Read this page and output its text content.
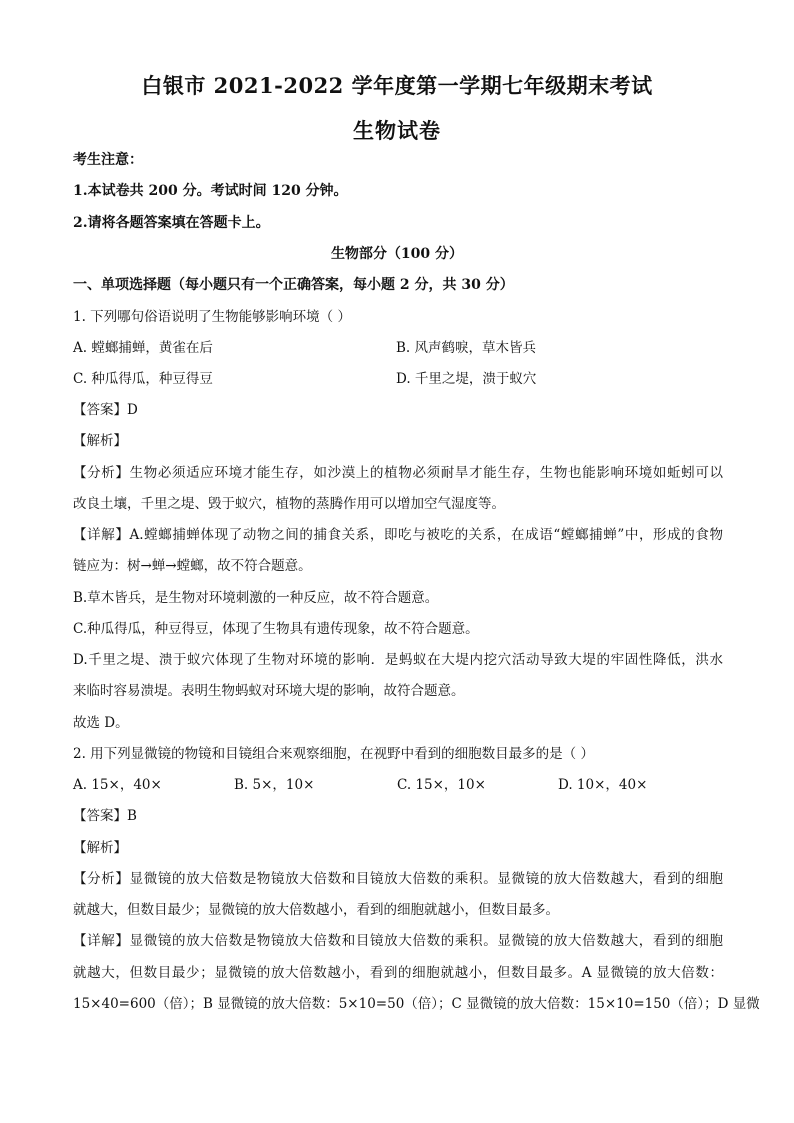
白银市 2021-2022 学年度第一学期七年级期末考试
生物试卷
考生注意：
1.本试卷共 200 分。考试时间 120 分钟。
2.请将各题答案填在答题卡上。
生物部分（100 分）
一、单项选择题（每小题只有一个正确答案，每小题 2 分，共 30 分）
1. 下列哪句俗语说明了生物能够影响环境（ ）
A. 螳螂捕蝉，黄雀在后	B. 风声鹤唳，草木皆兵
C. 种瓜得瓜，种豆得豆	D. 千里之堤，溃于蚁穴
【答案】D
【解析】
【分析】生物必须适应环境才能生存，如沙漠上的植物必须耐旱才能生存，生物也能影响环境如蚯蚓可以
改良土壤，千里之堤、毁于蚁穴，植物的蒸腾作用可以增加空气湿度等。
【详解】A.螳螂捕蝉体现了动物之间的捕食关系，即吃与被吃的关系，在成语“螳螂捕蝉”中，形成的食物
链应为：树→蝉→螳螂，故不符合题意。
B.草木皆兵，是生物对环境刺激的一种反应，故不符合题意。
C.种瓜得瓜，种豆得豆，体现了生物具有遗传现象，故不符合题意。
D.千里之堤、溃于蚁穴体现了生物对环境的影响．是蚂蚁在大堤内挖穴活动导致大堤的牢固性降低，洪水
来临时容易溃堤。表明生物蚂蚁对环境大堤的影响，故符合题意。
故选 D。
2. 用下列显微镜的物镜和目镜组合来观察细胞，在视野中看到的细胞数目最多的是（ ）
A. 15×，40×	B. 5×，10×	C. 15×，10×	D. 10×，40×
【答案】B
【解析】
【分析】显微镜的放大倍数是物镜放大倍数和目镜放大倍数的乘积。显微镜的放大倍数越大，看到的细胞
就越大，但数目最少；显微镜的放大倍数越小，看到的细胞就越小，但数目最多。
【详解】显微镜的放大倍数是物镜放大倍数和目镜放大倍数的乘积。显微镜的放大倍数越大，看到的细胞
就越大，但数目最少；显微镜的放大倍数越小，看到的细胞就越小，但数目最多。A 显微镜的放大倍数：
15×40=600（倍）；B 显微镜的放大倍数：5×10=50（倍）；C 显微镜的放大倍数：15×10=150（倍）；D 显微
